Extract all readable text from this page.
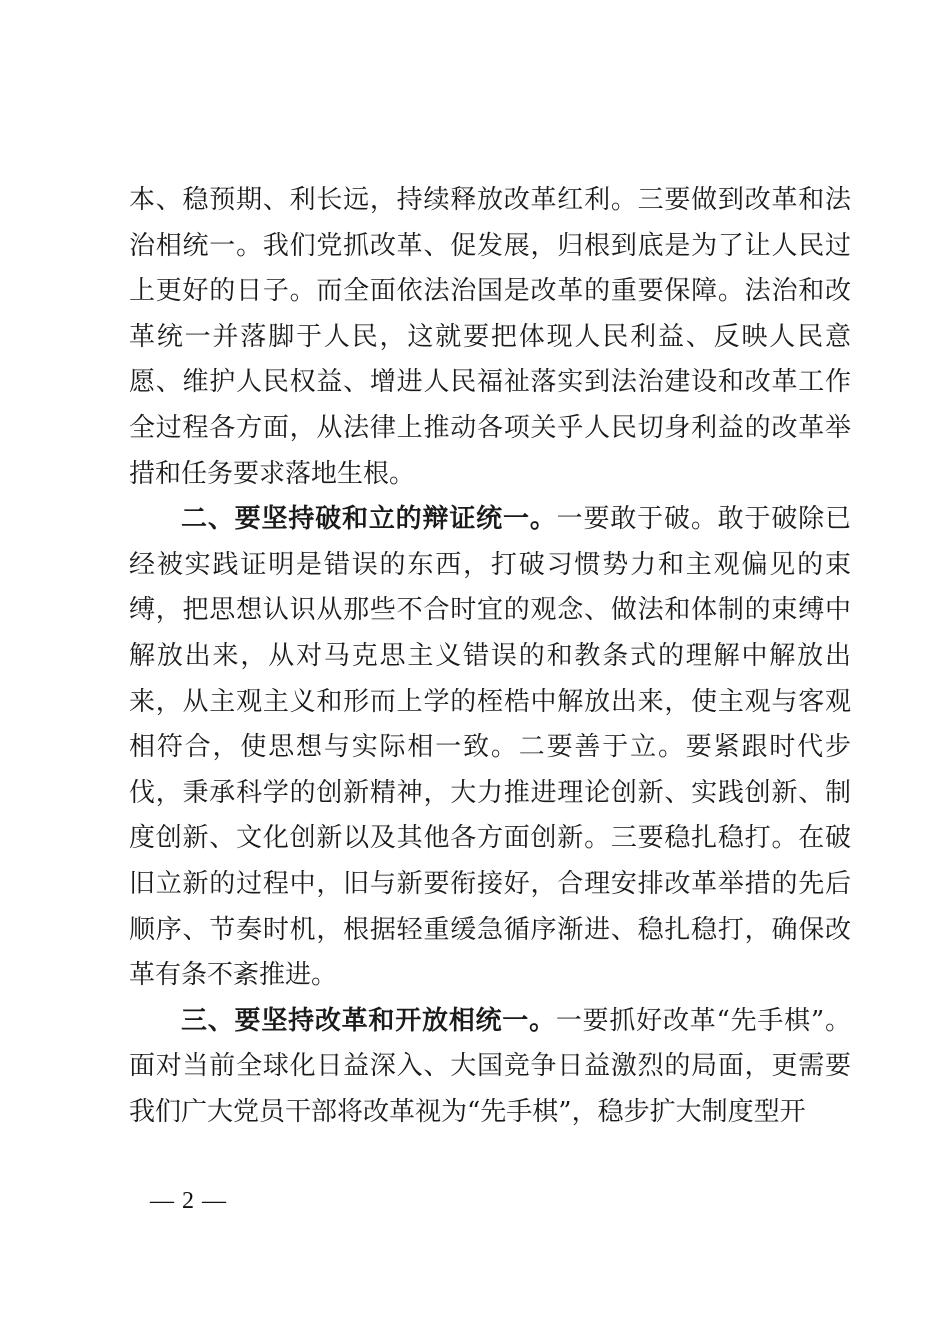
本、稳预期、利长远，持续释放改革红利。三要做到改革和法治相统一。我们党抓改革、促发展，归根到底是为了让人民过上更好的日子。而全面依法治国是改革的重要保障。法治和改革统一并落脚于人民，这就要把体现人民利益、反映人民意愿、维护人民权益、增进人民福祉落实到法治建设和改革工作全过程各方面，从法律上推动各项关乎人民切身利益的改革举措和任务要求落地生根。

二、要坚持破和立的辩证统一。一要敢于破。敢于破除已经被实践证明是错误的东西，打破习惯势力和主观偏见的束缚，把思想认识从那些不合时宜的观念、做法和体制的束缚中解放出来，从对马克思主义错误的和教条式的理解中解放出来，从主观主义和形而上学的桎梏中解放出来，使主观与客观相符合，使思想与实际相一致。二要善于立。要紧跟时代步伐，秉承科学的创新精神，大力推进理论创新、实践创新、制度创新、文化创新以及其他各方面创新。三要稳扎稳打。在破旧立新的过程中，旧与新要衔接好，合理安排改革举措的先后顺序、节奏时机，根据轻重缓急循序渐进、稳扎稳打，确保改革有条不紊推进。

三、要坚持改革和开放相统一。一要抓好改革“先手棋”。面对当前全球化日益深入、大国竞争日益激烈的局面，更需要我们广大党员干部将改革视为“先手棋”，稳步扩大制度型开

— 2 —
